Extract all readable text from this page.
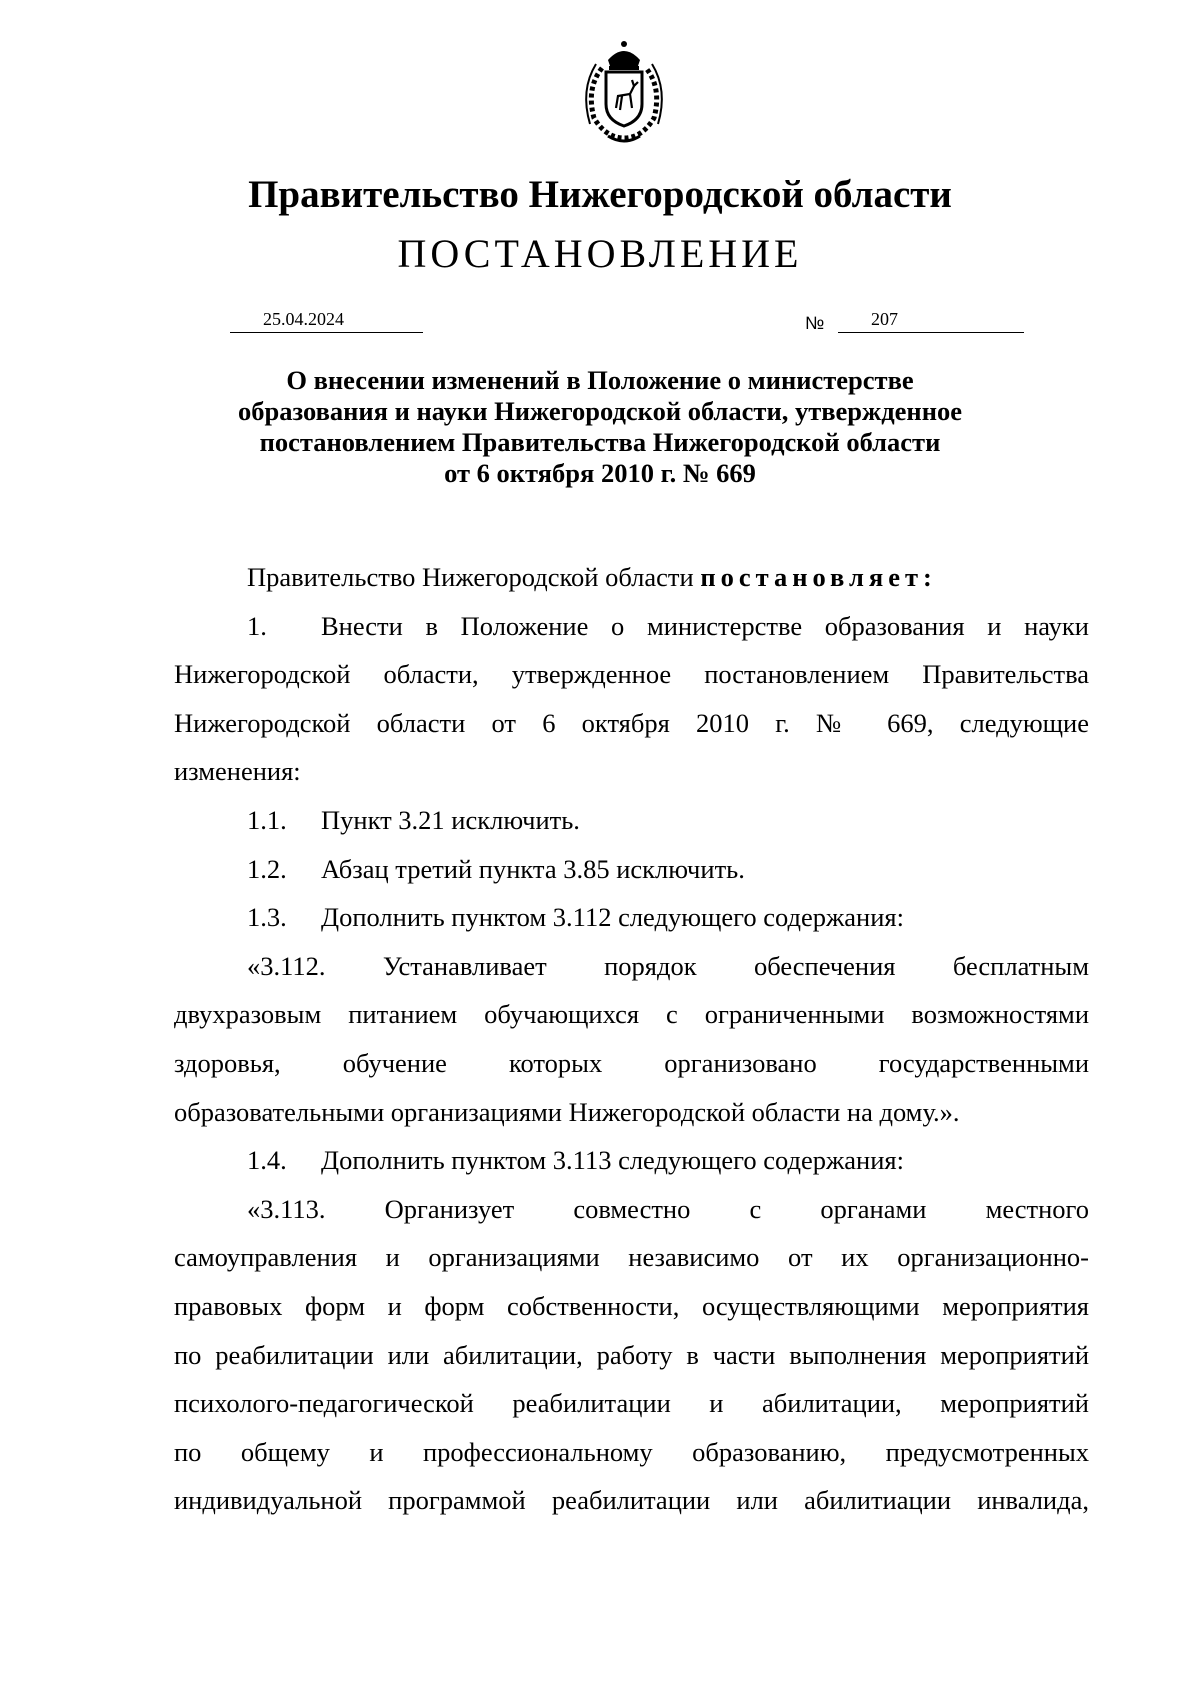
Правительство Нижегородской области
ПОСТАНОВЛЕНИЕ
25.04.2024	№	207
О внесении изменений в Положение о министерстве
образования и науки Нижегородской области, утвержденное
постановлением Правительства Нижегородской области
от 6 октября 2010 г. № 669
Правительство Нижегородской области постановляет:
1. Внести в Положение о министерстве образования и науки
Нижегородской области, утвержденное постановлением Правительства
Нижегородской области от 6 октября 2010 г. № 669, следующие
изменения:
1.1. Пункт 3.21 исключить.
1.2. Абзац третий пункта 3.85 исключить.
1.3. Дополнить пунктом 3.112 следующего содержания:
«3.112. Устанавливает порядок обеспечения бесплатным
двухразовым питанием обучающихся с ограниченными возможностями
здоровья, обучение которых организовано государственными
образовательными организациями Нижегородской области на дому.».
1.4. Дополнить пунктом 3.113 следующего содержания:
«3.113. Организует совместно с органами местного
самоуправления и организациями независимо от их организационно-
правовых форм и форм собственности, осуществляющими мероприятия
по реабилитации или абилитации, работу в части выполнения мероприятий
психолого-педагогической реабилитации и абилитации, мероприятий
по общему и профессиональному образованию, предусмотренных
индивидуальной программой реабилитации или абилитиации инвалида,
